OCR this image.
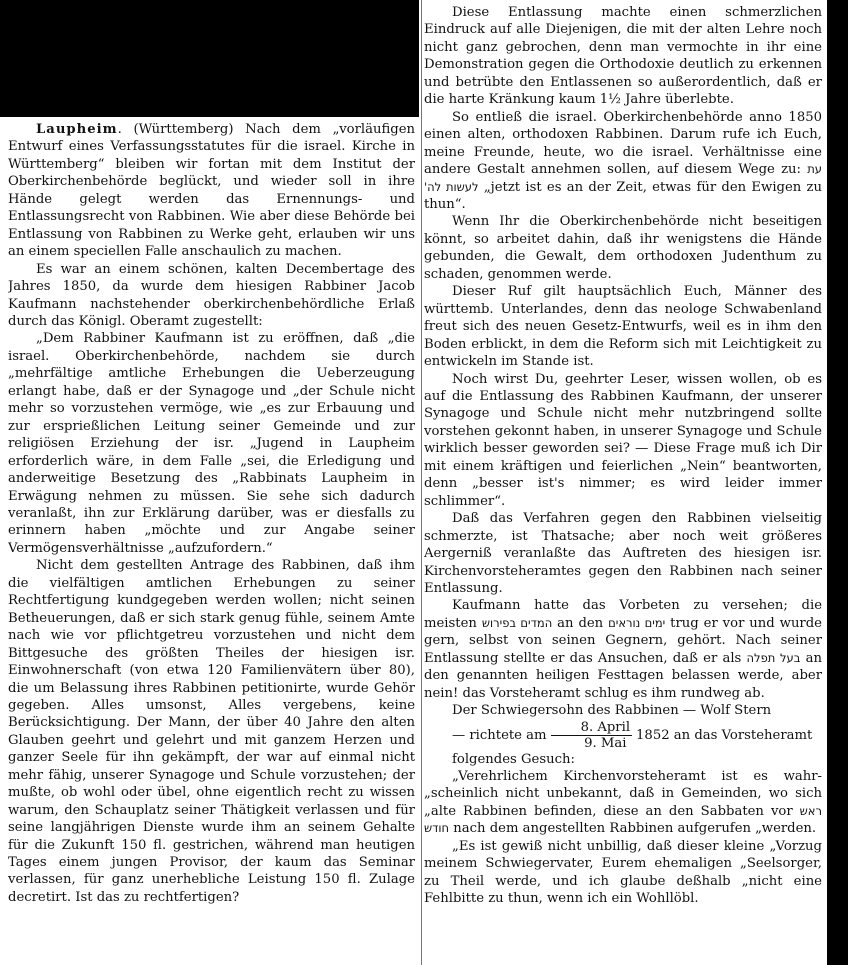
Laupheim. (Württemberg) Nach dem „vorläufigen Entwurf eines Verfassungsstatutes für die israel. Kirche in Württemberg“ bleiben wir fortan mit dem Institut der Oberkirchenbehörde beglückt, und wieder soll in ihre Hände gelegt werden das Ernennungs- und Entlassungsrecht von Rabbinen. Wie aber diese Behörde bei Entlassung von Rabbinen zu Werke geht, erlauben wir uns an einem speciellen Falle anschaulich zu machen.

Es war an einem schönen, kalten Decembertage des Jahres 1850, da wurde dem hiesigen Rabbiner Jacob Kaufmann nachstehender oberkirchenbehördliche Erlaß durch das Königl. Oberamt zugestellt:

„Dem Rabbiner Kaufmann ist zu eröffnen, daß „die israel. Oberkirchenbehörde, nachdem sie durch „mehrfältige amtliche Erhebungen die Ueberzeugung erlangt habe, daß er der Synagoge und „der Schule nicht mehr so vorzustehen vermöge, wie „es zur Erbauung und zur ersprießlichen Leitung seiner Gemeinde und zur religiösen Erziehung der isr. „Jugend in Laupheim erforderlich wäre, in dem Falle „sei, die Erledigung und anderweitige Besetzung des „Rabbinats Laupheim in Erwägung nehmen zu müssen. Sie sehe sich dadurch veranlaßt, ihn zur Erklärung darüber, was er diesfalls zu erinnern haben „möchte und zur Angabe seiner Vermögensverhältnisse „aufzufordern.“

Nicht dem gestellten Antrage des Rabbinen, daß ihm die vielfältigen amtlichen Erhebungen zu seiner Rechtfertigung kundgegeben werden wollen; nicht seinen Betheuerungen, daß er sich stark genug fühle, seinem Amte nach wie vor pflichtgetreu vorzustehen und nicht dem Bittgesuche des größten Theiles der hiesigen isr. Einwohnerschaft (von etwa 120 Familienvätern über 80), die um Belassung ihres Rabbinen petitionirte, wurde Gehör gegeben. Alles umsonst, Alles vergebens, keine Berücksichtigung. Der Mann, der über 40 Jahre den alten Glauben geehrt und gelehrt und mit ganzem Herzen und ganzer Seele für ihn gekämpft, der war auf einmal nicht mehr fähig, unserer Synagoge und Schule vorzustehen; der mußte, ob wohl oder übel, ohne eigentlich recht zu wissen warum, den Schauplatz seiner Thätigkeit verlassen und für seine langjährigen Dienste wurde ihm an seinem Gehalte für die Zukunft 150 fl. gestrichen, während man heutigen Tages einem jungen Provisor, der kaum das Seminar verlassen, für ganz unerhebliche Leistung 150 fl. Zulage decretirt. Ist das zu rechtfertigen?

Diese Entlassung machte einen schmerzlichen Eindruck auf alle Diejenigen, die mit der alten Lehre noch nicht ganz gebrochen, denn man vermochte in ihr eine Demonstration gegen die Orthodoxie deutlich zu erkennen und betrübte den Entlassenen so außerordentlich, daß er die harte Kränkung kaum 1½ Jahre überlebte.

So entließ die israel. Oberkirchenbehörde anno 1850 einen alten, orthodoxen Rabbinen. Darum rufe ich Euch, meine Freunde, heute, wo die israel. Verhältnisse eine andere Gestalt annehmen sollen, auf diesem Wege zu: עת לעשות לה' „jetzt ist es an der Zeit, etwas für den Ewigen zu thun“.

Wenn Ihr die Oberkirchenbehörde nicht beseitigen könnt, so arbeitet dahin, daß ihr wenigstens die Hände gebunden, die Gewalt, dem orthodoxen Judenthum zu schaden, genommen werde.

Dieser Ruf gilt hauptsächlich Euch, Männer des württemb. Unterlandes, denn das neologe Schwabenland freut sich des neuen Gesetz-Entwurfs, weil es in ihm den Boden erblickt, in dem die Reform sich mit Leichtigkeit zu entwickeln im Stande ist.

Noch wirst Du, geehrter Leser, wissen wollen, ob es auf die Entlassung des Rabbinen Kaufmann, der unserer Synagoge und Schule nicht mehr nutzbringend sollte vorstehen gekonnt haben, in unserer Synagoge und Schule wirklich besser geworden sei? — Diese Frage muß ich Dir mit einem kräftigen und feierlichen „Nein“ beantworten, denn „besser ist's nimmer; es wird leider immer schlimmer“.

Daß das Verfahren gegen den Rabbinen vielseitig schmerzte, ist Thatsache; aber noch weit größeres Aergerniß veranlaßte das Auftreten des hiesigen isr. Kirchenvorsteheramtes gegen den Rabbinen nach seiner Entlassung.

Kaufmann hatte das Vorbeten zu versehen; die meisten המדים בפירוש an den ימים נוראים trug er vor und wurde gern, selbst von seinen Gegnern, gehört. Nach seiner Entlassung stellte er das Ansuchen, daß er als בעל תפלה an den genannten heiligen Festtagen belassen werde, aber nein! das Vorsteheramt schlug es ihm rundweg ab.

Der Schwiegersohn des Rabbinen — Wolf Stern

— richtete am $\frac{\text{8. April}}{\text{9. Mai}} 1852$ an das Vorsteheramt

folgendes Gesuch:

„Verehrlichem Kirchenvorsteheramt ist es wahr- „scheinlich nicht unbekannt, daß in Gemeinden, wo sich „alte Rabbinen befinden, diese an den Sabbaten vor ראש חודש nach dem angestellten Rabbinen aufgerufen „werden.

„Es ist gewiß nicht unbillig, daß dieser kleine „Vorzug meinem Schwiegervater, Eurem ehemaligen „Seelsorger, zu Theil werde, und ich glaube deßhalb „nicht eine Fehlbitte zu thun, wenn ich ein Wohllöbl.
